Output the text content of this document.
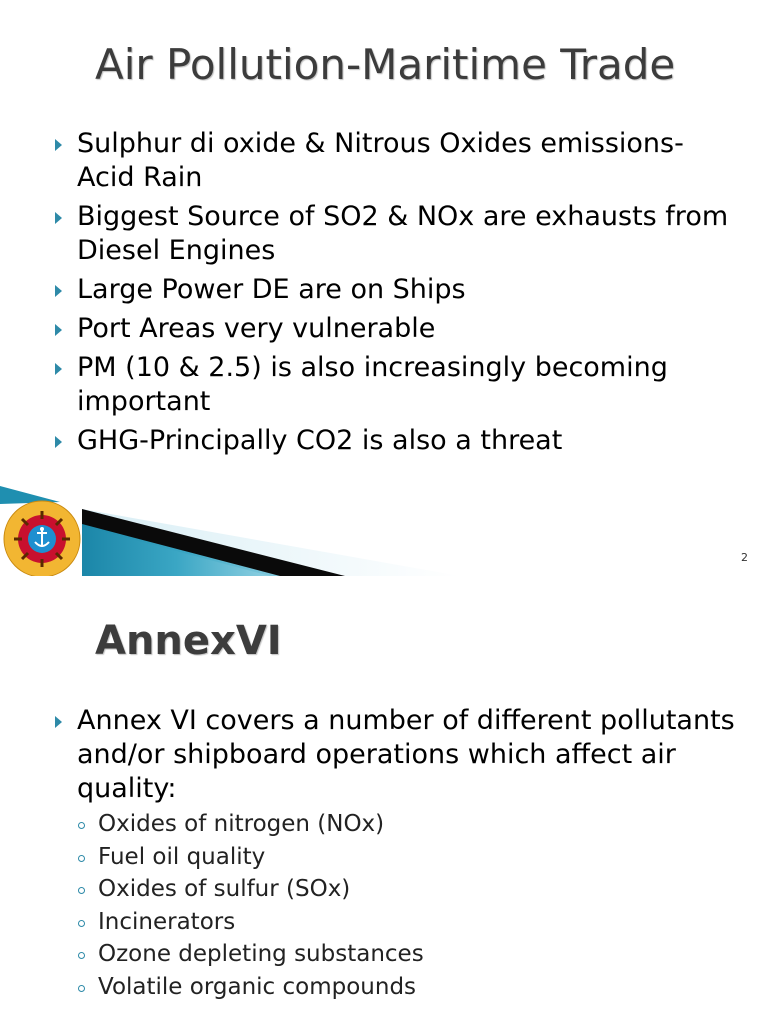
Air Pollution-Maritime Trade
Sulphur di oxide & Nitrous Oxides emissions-Acid Rain
Biggest Source of SO2 & NOx are exhausts from Diesel Engines
Large Power DE are on Ships
Port Areas very vulnerable
PM (10 & 2.5) is also increasingly becoming important
GHG-Principally CO2 is also a threat
2
AnnexVI
Annex VI covers a number of different pollutants and/or shipboard operations which affect air quality:
Oxides of nitrogen (NOx)
Fuel oil quality
Oxides of sulfur (SOx)
Incinerators
Ozone depleting substances
Volatile organic compounds
